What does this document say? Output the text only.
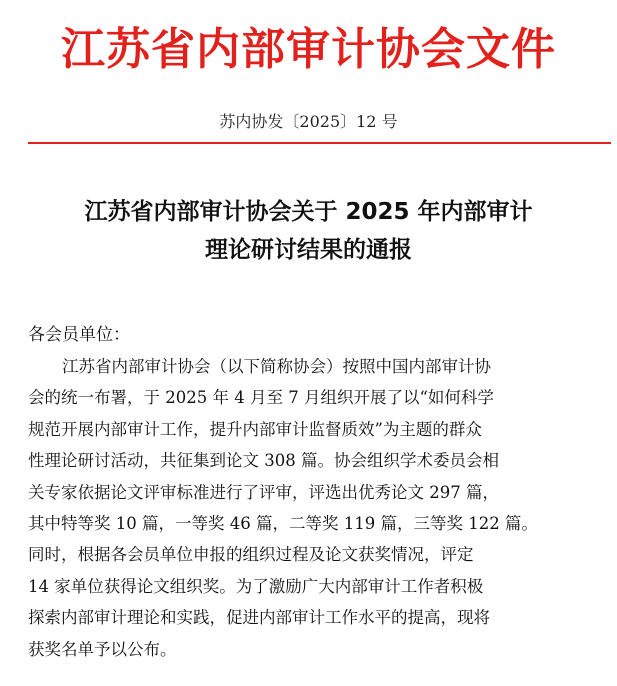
江苏省内部审计协会文件
苏内协发〔2025〕12 号
江苏省内部审计协会关于 2025 年内部审计
理论研讨结果的通报
各会员单位：
江苏省内部审计协会（以下简称协会）按照中国内部审计协
会的统一布署，于 2025 年 4 月至 7 月组织开展了以“如何科学
规范开展内部审计工作，提升内部审计监督质效”为主题的群众
性理论研讨活动，共征集到论文 308 篇。协会组织学术委员会相
关专家依据论文评审标准进行了评审，评选出优秀论文 297 篇，
其中特等奖 10 篇，一等奖 46 篇，二等奖 119 篇，三等奖 122 篇。
同时，根据各会员单位申报的组织过程及论文获奖情况，评定
14 家单位获得论文组织奖。为了激励广大内部审计工作者积极
探索内部审计理论和实践，促进内部审计工作水平的提高，现将
获奖名单予以公布。
